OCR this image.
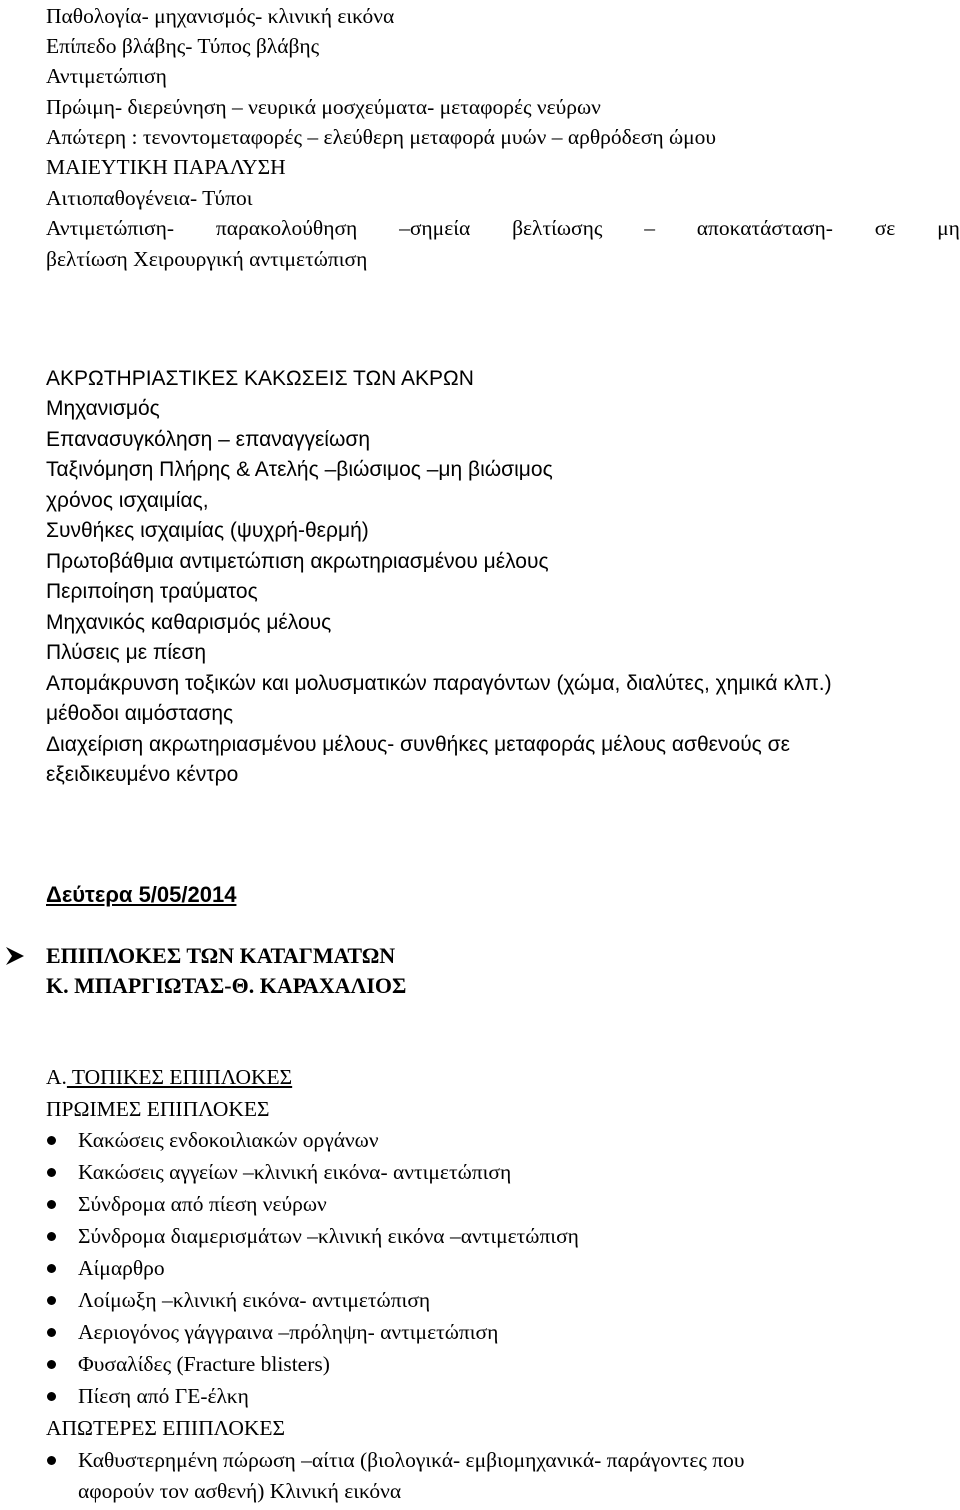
Παθολογία- μηχανισμός- κλινική εικόνα
Επίπεδο βλάβης- Τύπος βλάβης
Αντιμετώπιση
Πρώιμη- διερεύνηση – νευρικά μοσχεύματα- μεταφορές νεύρων
Απώτερη : τενοντομεταφορές – ελεύθερη μεταφορά μυών – αρθρόδεση ώμου
ΜΑΙΕΥΤΙΚΗ ΠΑΡΑΛΥΣΗ
Αιτιοπαθογένεια- Τύποι
Αντιμετώπιση- παρακολούθηση –σημεία βελτίωσης – αποκατάσταση- σε μη
βελτίωση Χειρουργική αντιμετώπιση
ΑΚΡΩΤΗΡΙΑΣΤΙΚΕΣ ΚΑΚΩΣΕΙΣ ΤΩΝ ΑΚΡΩΝ
Μηχανισμός
Επανασυγκόληση – επαναγγείωση
Ταξινόμηση Πλήρης & Ατελής –βιώσιμος –μη βιώσιμος
χρόνος ισχαιμίας,
Συνθήκες ισχαιμίας (ψυχρή-θερμή)
Πρωτοβάθμια αντιμετώπιση ακρωτηριασμένου μέλους
Περιποίηση τραύματος
Μηχανικός καθαρισμός μέλους
Πλύσεις με πίεση
Απομάκρυνση τοξικών και μολυσματικών παραγόντων (χώμα, διαλύτες, χημικά κλπ.)
μέθοδοι αιμόστασης
Διαχείριση ακρωτηριασμένου μέλους- συνθήκες μεταφοράς μέλους ασθενούς σε
εξειδικευμένο κέντρο
Δεύτερα 5/05/2014
ΕΠΙΠΛΟΚΕΣ ΤΩΝ ΚΑΤΑΓΜΑΤΩΝ
Κ. ΜΠΑΡΓΙΩΤΑΣ-Θ. ΚΑΡΑΧΑΛΙΟΣ
Α. ΤΟΠΙΚΕΣ ΕΠΙΠΛΟΚΕΣ
ΠΡΩΙΜΕΣ ΕΠΙΠΛΟΚΕΣ
Κακώσεις ενδοκοιλιακών οργάνων
Κακώσεις αγγείων –κλινική εικόνα- αντιμετώπιση
Σύνδρομα από πίεση νεύρων
Σύνδρομα διαμερισμάτων –κλινική εικόνα –αντιμετώπιση
Αίμαρθρο
Λοίμωξη –κλινική εικόνα- αντιμετώπιση
Αεριογόνος γάγγραινα –πρόληψη- αντιμετώπιση
Φυσαλίδες (Fracture blisters)
Πίεση από ΓΕ-έλκη
ΑΠΩΤΕΡΕΣ ΕΠΙΠΛΟΚΕΣ
Καθυστερημένη πώρωση –αίτια (βιολογικά- εμβιομηχανικά- παράγοντες που
αφορούν τον ασθενή) Κλινική εικόνα
